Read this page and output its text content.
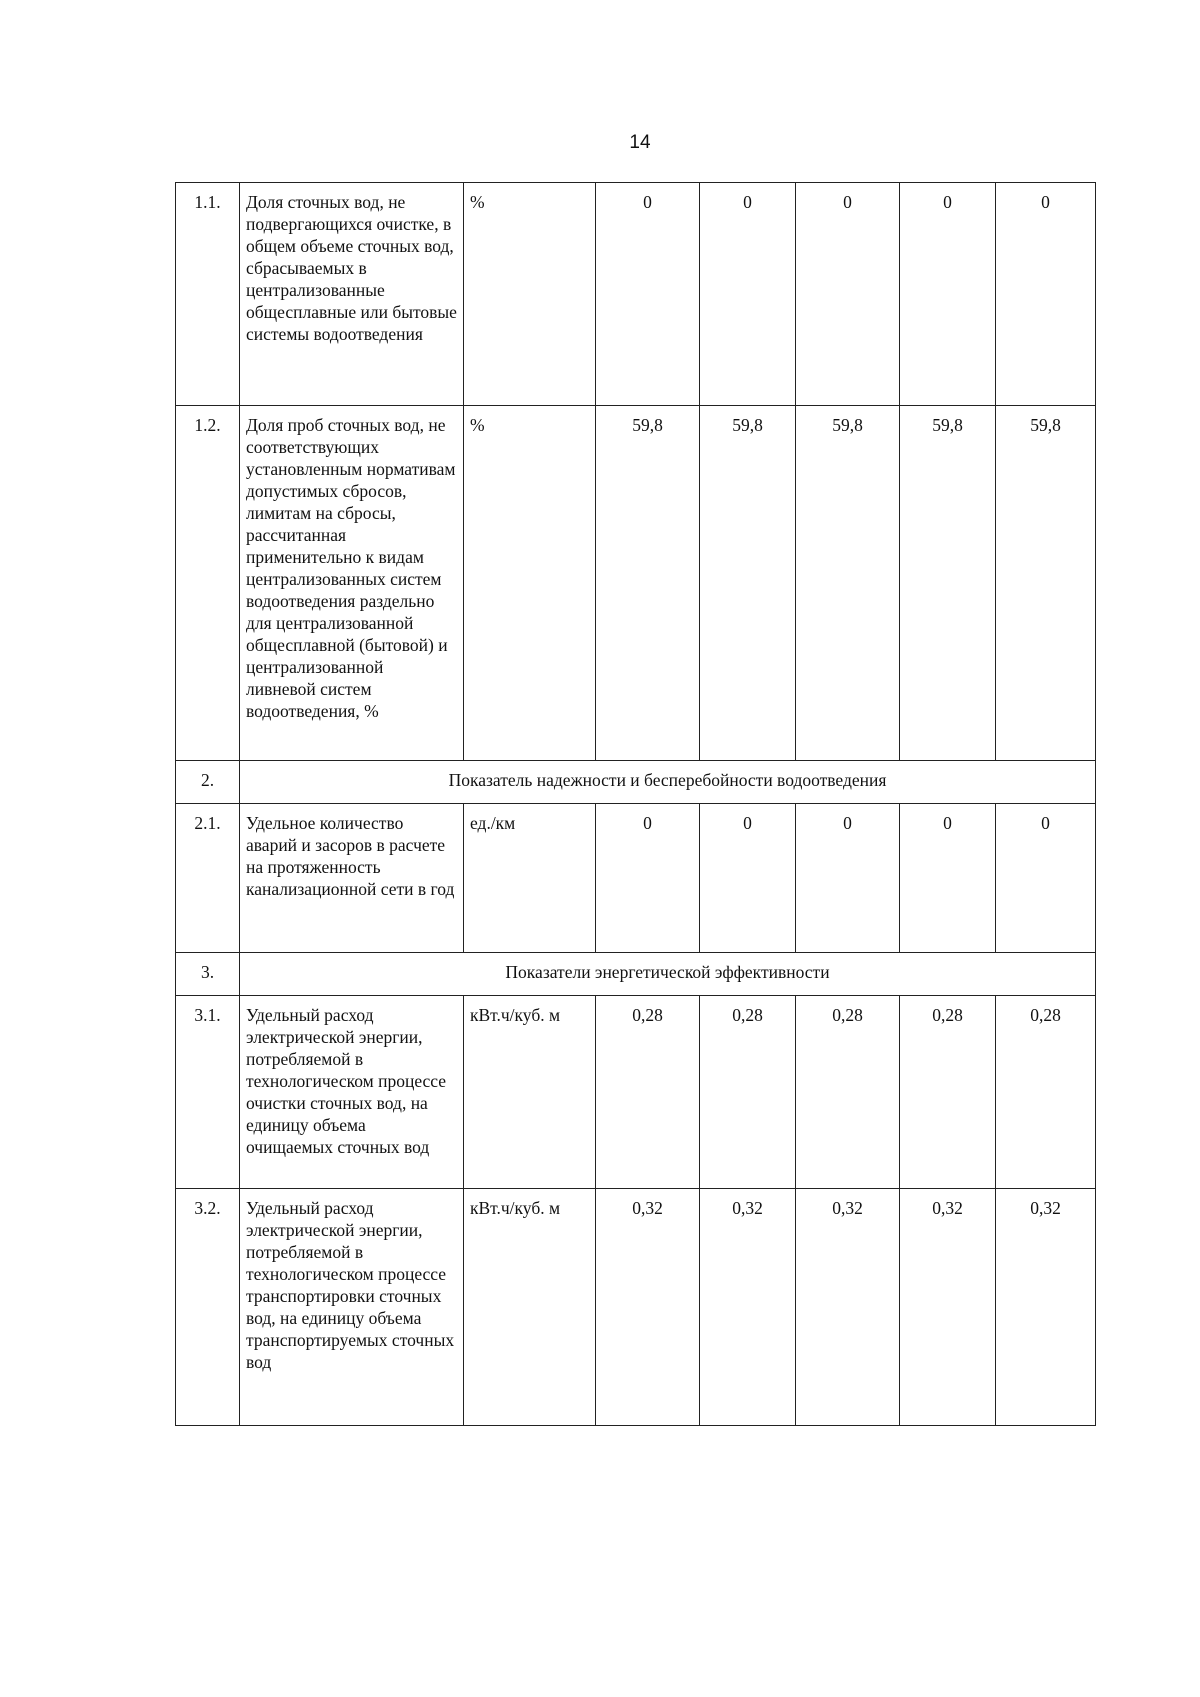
14
1.1.	Доля сточных вод, не подвергающихся очистке, в общем объеме сточных вод, сбрасываемых в централизованные общесплавные или бытовые системы водоотведения	%	0	0	0	0	0
1.2.	Доля проб сточных вод, не соответствующих установленным нормативам допустимых сбросов, лимитам на сбросы, рассчитанная применительно к видам централизованных систем водоотведения раздельно для централизованной общесплавной (бытовой) и централизованной ливневой систем водоотведения, %	%	59,8	59,8	59,8	59,8	59,8
2.	Показатель надежности и бесперебойности водоотведения						
2.1.	Удельное количество аварий и засоров в расчете на протяженность канализационной сети в год	ед./км	0	0	0	0	0
3.	Показатели энергетической эффективности						
3.1.	Удельный расход электрической энергии, потребляемой в технологическом процессе очистки сточных вод, на единицу объема очищаемых сточных вод	кВт.ч/куб. м	0,28	0,28	0,28	0,28	0,28
3.2.	Удельный расход электрической энергии, потребляемой в технологическом процессе транспортировки сточных вод, на единицу объема транспортируемых сточных вод	кВт.ч/куб. м	0,32	0,32	0,32	0,32	0,32
